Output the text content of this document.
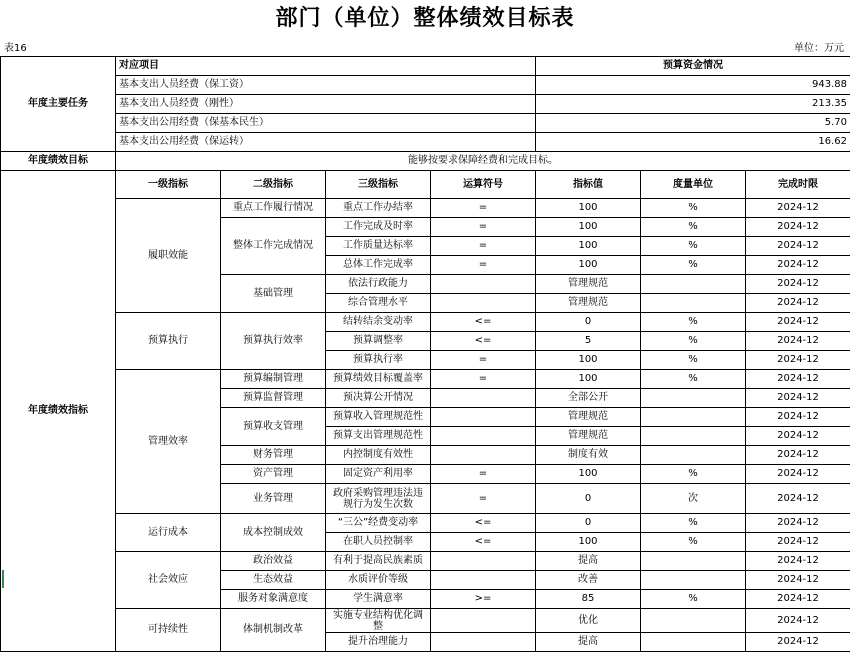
部门（单位）整体绩效目标表
表16	单位：万元
年度主要任务	对应项目				预算资金情况		
	基本支出人员经费（保工资）				943.88		
	基本支出人员经费（刚性）				213.35		
	基本支出公用经费（保基本民生）				5.70		
	基本支出公用经费（保运转）				16.62		
年度绩效目标	能够按要求保障经费和完成目标。						
年度绩效指标	一级指标	二级指标	三级指标	运算符号	指标值	度量单位	完成时限
	履职效能	重点工作履行情况	重点工作办结率	=	100	%	2024-12
		整体工作完成情况	工作完成及时率	=	100	%	2024-12
			工作质量达标率	=	100	%	2024-12
			总体工作完成率	=	100	%	2024-12
		基础管理	依法行政能力		管理规范		2024-12
			综合管理水平		管理规范		2024-12
	预算执行	预算执行效率	结转结余变动率	<=	0	%	2024-12
			预算调整率	<=	5	%	2024-12
			预算执行率	=	100	%	2024-12
	管理效率	预算编制管理	预算绩效目标覆盖率	=	100	%	2024-12
		预算监督管理	预决算公开情况		全部公开		2024-12
		预算收支管理	预算收入管理规范性		管理规范		2024-12
			预算支出管理规范性		管理规范		2024-12
		财务管理	内控制度有效性		制度有效		2024-12
		资产管理	固定资产利用率	=	100	%	2024-12
		业务管理	政府采购管理违法违规行为发生次数	=	0	次	2024-12
	运行成本	成本控制成效	“三公”经费变动率	<=	0	%	2024-12
			在职人员控制率	<=	100	%	2024-12
	社会效应	政治效益	有利于提高民族素质		提高		2024-12
		生态效益	水质评价等级		改善		2024-12
		服务对象满意度	学生满意率	>=	85	%	2024-12
	可持续性	体制机制改革	实施专业结构优化调整		优化		2024-12
			提升治理能力		提高		2024-12
